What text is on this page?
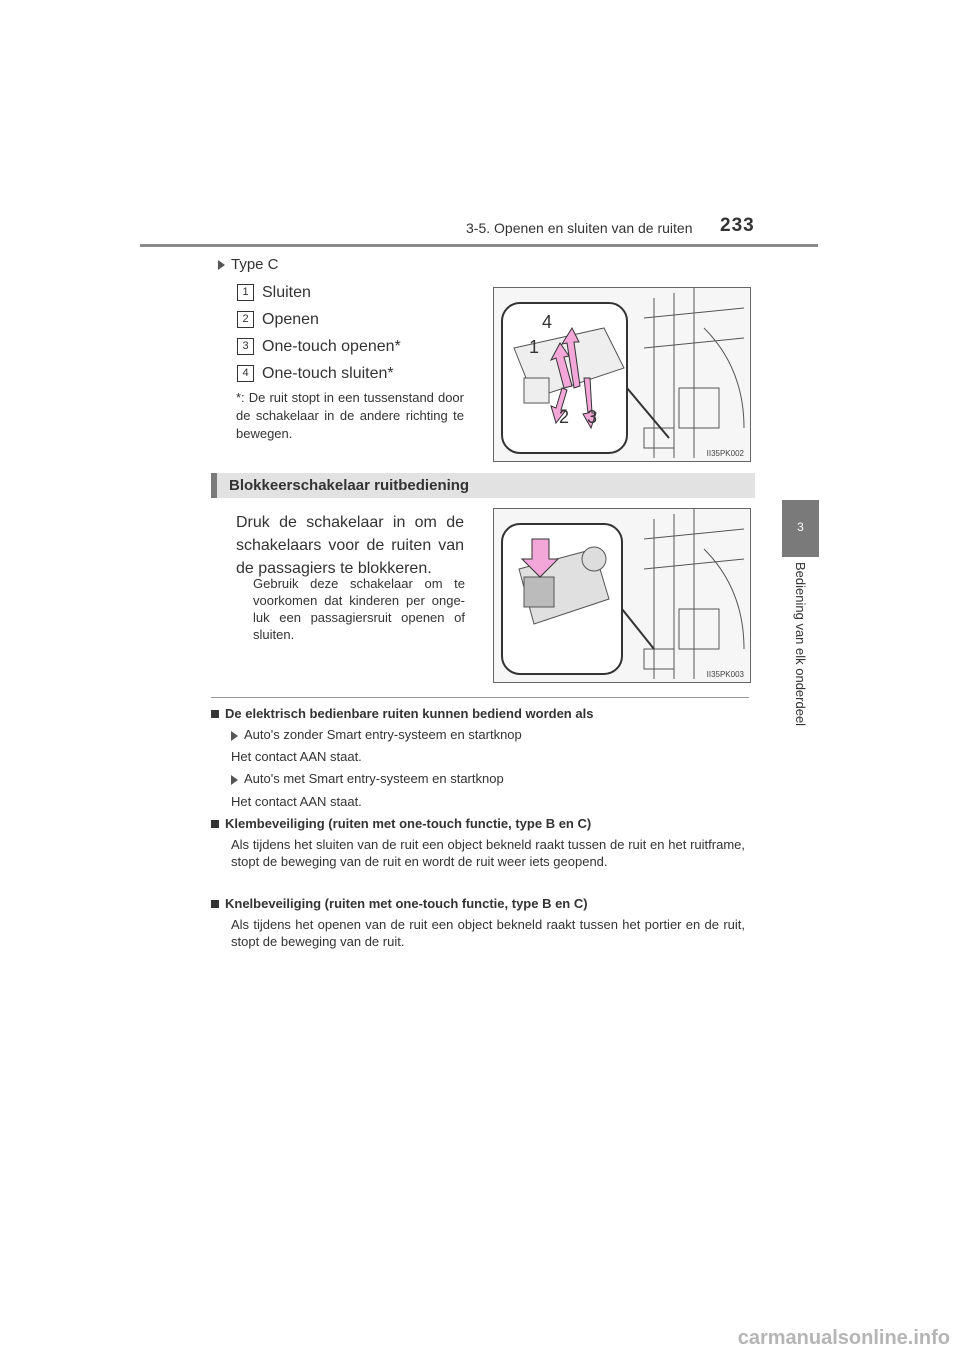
3-5. Openen en sluiten van de ruiten 233
3
Bediening van elk onderdeel
Type C
1 Sluiten
2 Openen
3 One-touch openen*
4 One-touch sluiten*
*: De ruit stopt in een tussenstand door de schakelaar in de andere richting te bewegen.
4
1
2 3
II35PK002
Blokkeerschakelaar ruitbediening
Druk de schakelaar in om de schakelaars voor de ruiten van de passagiers te blokkeren.
Gebruik deze schakelaar om te voorkomen dat kinderen per onge-luk een passagiersruit openen of sluiten.
II35PK003
De elektrisch bedienbare ruiten kunnen bediend worden als
Auto's zonder Smart entry-systeem en startknop
Het contact AAN staat.
Auto's met Smart entry-systeem en startknop
Het contact AAN staat.
Klembeveiliging (ruiten met one-touch functie, type B en C)
Als tijdens het sluiten van de ruit een object bekneld raakt tussen de ruit en het ruitframe, stopt de beweging van de ruit en wordt de ruit weer iets geopend.
Knelbeveiliging (ruiten met one-touch functie, type B en C)
Als tijdens het openen van de ruit een object bekneld raakt tussen het portier en de ruit, stopt de beweging van de ruit.
carmanualsonline.info
